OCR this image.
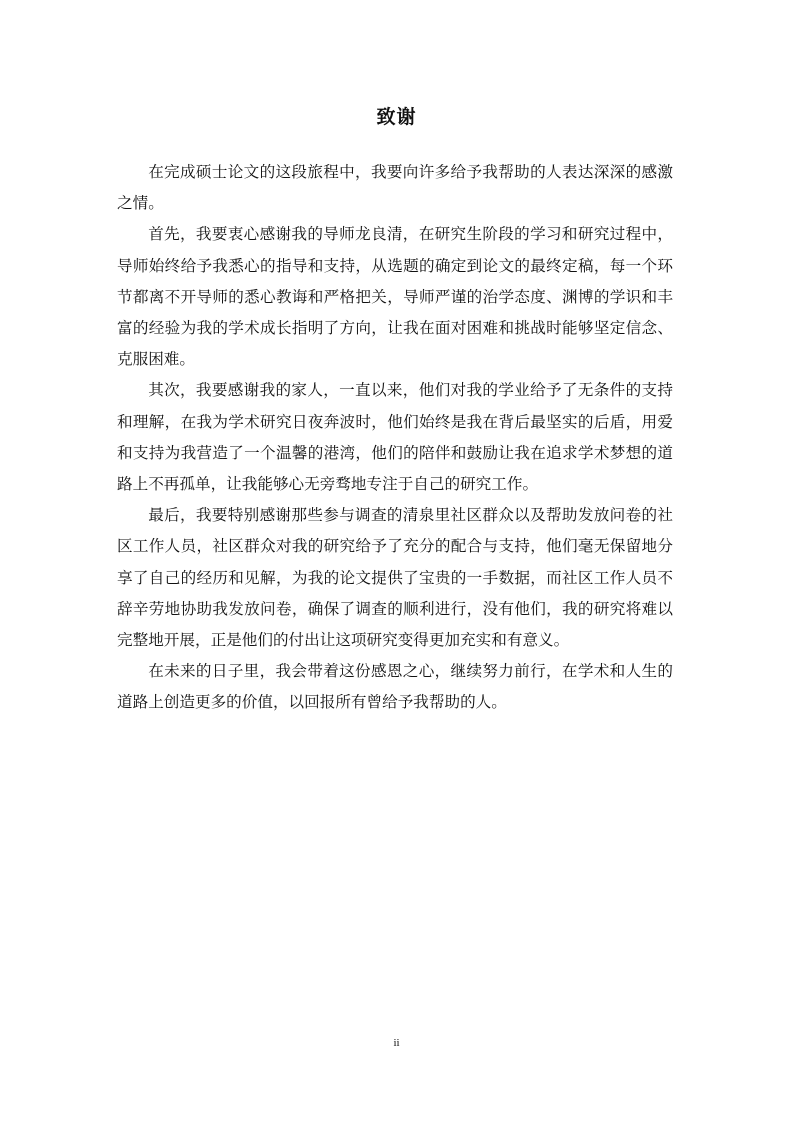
致谢

在完成硕士论文的这段旅程中，我要向许多给予我帮助的人表达深深的感激之情。

首先，我要衷心感谢我的导师龙良清，在研究生阶段的学习和研究过程中，导师始终给予我悉心的指导和支持，从选题的确定到论文的最终定稿，每一个环节都离不开导师的悉心教诲和严格把关，导师严谨的治学态度、渊博的学识和丰富的经验为我的学术成长指明了方向，让我在面对困难和挑战时能够坚定信念、克服困难。

其次，我要感谢我的家人，一直以来，他们对我的学业给予了无条件的支持和理解，在我为学术研究日夜奔波时，他们始终是我在背后最坚实的后盾，用爱和支持为我营造了一个温馨的港湾，他们的陪伴和鼓励让我在追求学术梦想的道路上不再孤单，让我能够心无旁骛地专注于自己的研究工作。

最后，我要特别感谢那些参与调查的清泉里社区群众以及帮助发放问卷的社区工作人员，社区群众对我的研究给予了充分的配合与支持，他们毫无保留地分享了自己的经历和见解，为我的论文提供了宝贵的一手数据，而社区工作人员不辞辛劳地协助我发放问卷，确保了调查的顺利进行，没有他们，我的研究将难以完整地开展，正是他们的付出让这项研究变得更加充实和有意义。

在未来的日子里，我会带着这份感恩之心，继续努力前行，在学术和人生的道路上创造更多的价值，以回报所有曾给予我帮助的人。

ii
